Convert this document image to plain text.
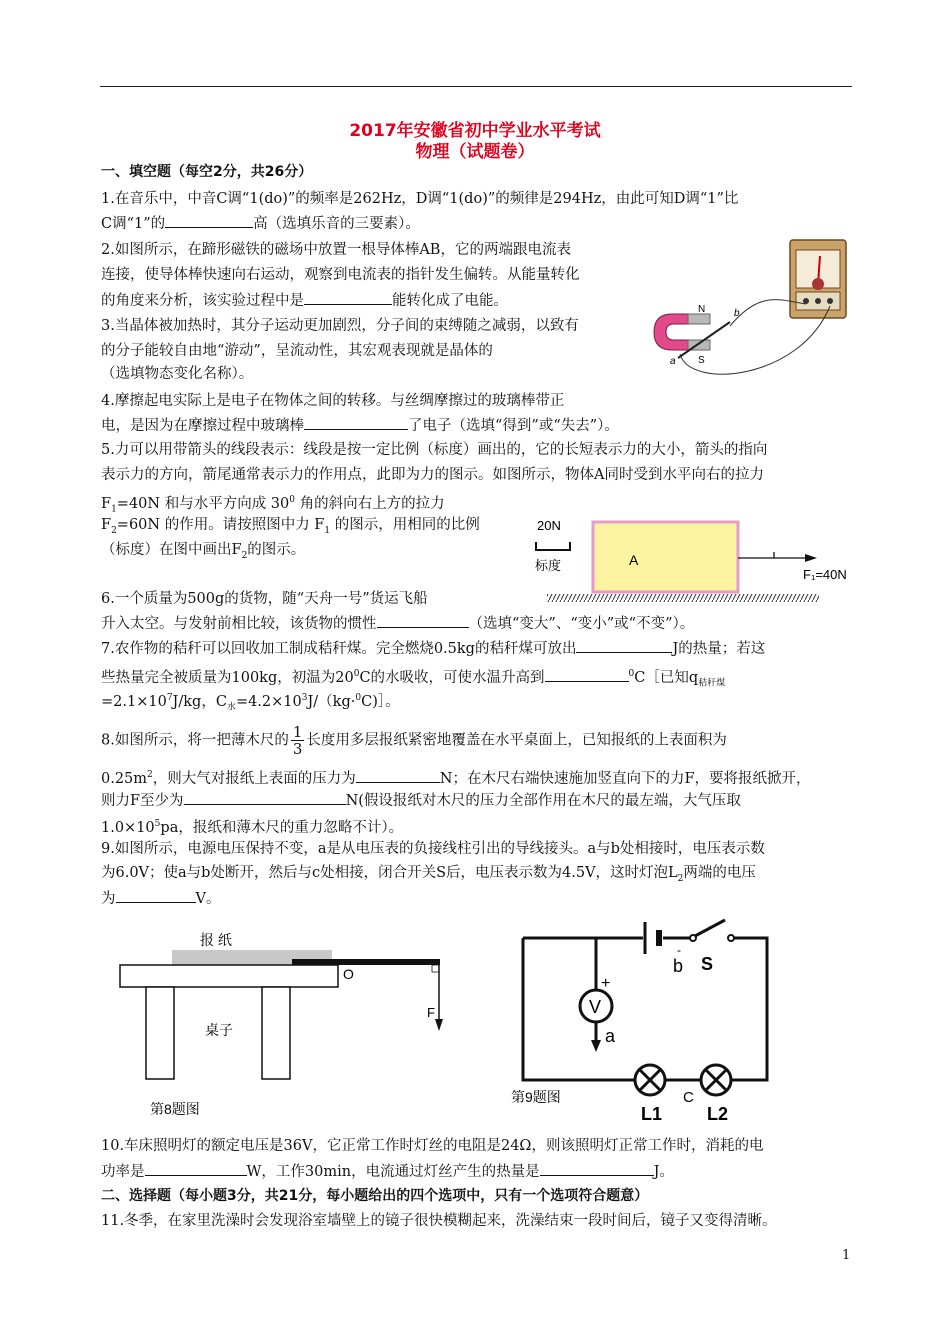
2017年安徽省初中学业水平考试
物理（试题卷）
一、填空题（每空2分，共26分）
1.在音乐中，中音C调“1(do)”的频率是262Hz，D调“1(do)”的频律是294Hz，由此可知D调“1”比
C调“1”的	高（选填乐音的三要素）。
2.如图所示，在蹄形磁铁的磁场中放置一根导体棒AB，它的两端跟电流表
连接，使导体棒快速向右运动，观察到电流表的指针发生偏转。从能量转化
的角度来分析，该实验过程中是	能转化成了电能。
N
S
a
b
3.当晶体被加热时，其分子运动更加剧烈，分子间的束缚随之减弱，以致有
的分子能较自由地“游动”，呈流动性，其宏观表现就是晶体的
（选填物态变化名称）。
4.摩擦起电实际上是电子在物体之间的转移。与丝绸摩擦过的玻璃棒带正
电，是因为在摩擦过程中玻璃棒	了电子（选填“得到”或“失去”）。
5.力可以用带箭头的线段表示：线段是按一定比例（标度）画出的，它的长短表示力的大小，箭头的指向
表示力的方向，箭尾通常表示力的作用点，此即为力的图示。如图所示，物体A同时受到水平向右的拉力
$F_1=40N$ 和与水平方向成 $30^0$ 角的斜向右上方的拉力
$F_2=60N$ 的作用。请按照图中力 $F_1$ 的图示，用相同的比例
（标度）在图中画出$F_2$的图示。
20N
标度	A
F₁=40N
6.一个质量为500g的货物，随“天舟一号”货运飞船
升入太空。与发射前相比较，该货物的惯性	（选填“变大”、“变小”或“不变”）。
7.农作物的秸秆可以回收加工制成秸秆煤。完全燃烧0.5kg的秸秆煤可放出	J的热量；若这
些热量完全被质量为100kg，初温为$20^0C$的水吸收，可使水温升高到	$^0$C［已知$q_{秸秆煤}$
$=2.1\times 10^7J/kg$，$C_水=4.2\times 10^3J/(kg\cdot^0C)]$。
8.如图所示，将一把薄木尺的 $\frac{1}{3}$ 长度用多层报纸紧密地覆盖在水平桌面上，已知报纸的上表面积为
$0.25m^2$，则大气对报纸上表面的压力为	N；在木尺右端快速施加竖直向下的力F，要将报纸掀开，
则力F至少为	N(假设报纸对木尺的压力全部作用在木尺的最左端，大气压取
$1.0\times 10^5pa$，报纸和薄木尺的重力忽略不计）。
9.如图所示，电源电压保持不变，a是从电压表的负接线柱引出的导线接头。a与b处相接时，电压表示数
为6.0V；使a与b处断开，然后与c处相接，闭合开关S后，电压表示数为4.5V，这时灯泡$L_2$两端的电压
为	V。
报 纸
O
F
桌子
第8题图
-
b S
+
V
a
C
L1 L2
第9题图
10.车床照明灯的额定电压是36V，它正常工作时灯丝的电阻是24Ω，则该照明灯正常工作时，消耗的电
功率是	W，工作30min，电流通过灯丝产生的热量是	J。
二、选择题（每小题3分，共21分，每小题给出的四个选项中，只有一个选项符合题意）
11.冬季，在家里洗澡时会发现浴室墙壁上的镜子很快模糊起来，洗澡结束一段时间后，镜子又变得清晰。
1
